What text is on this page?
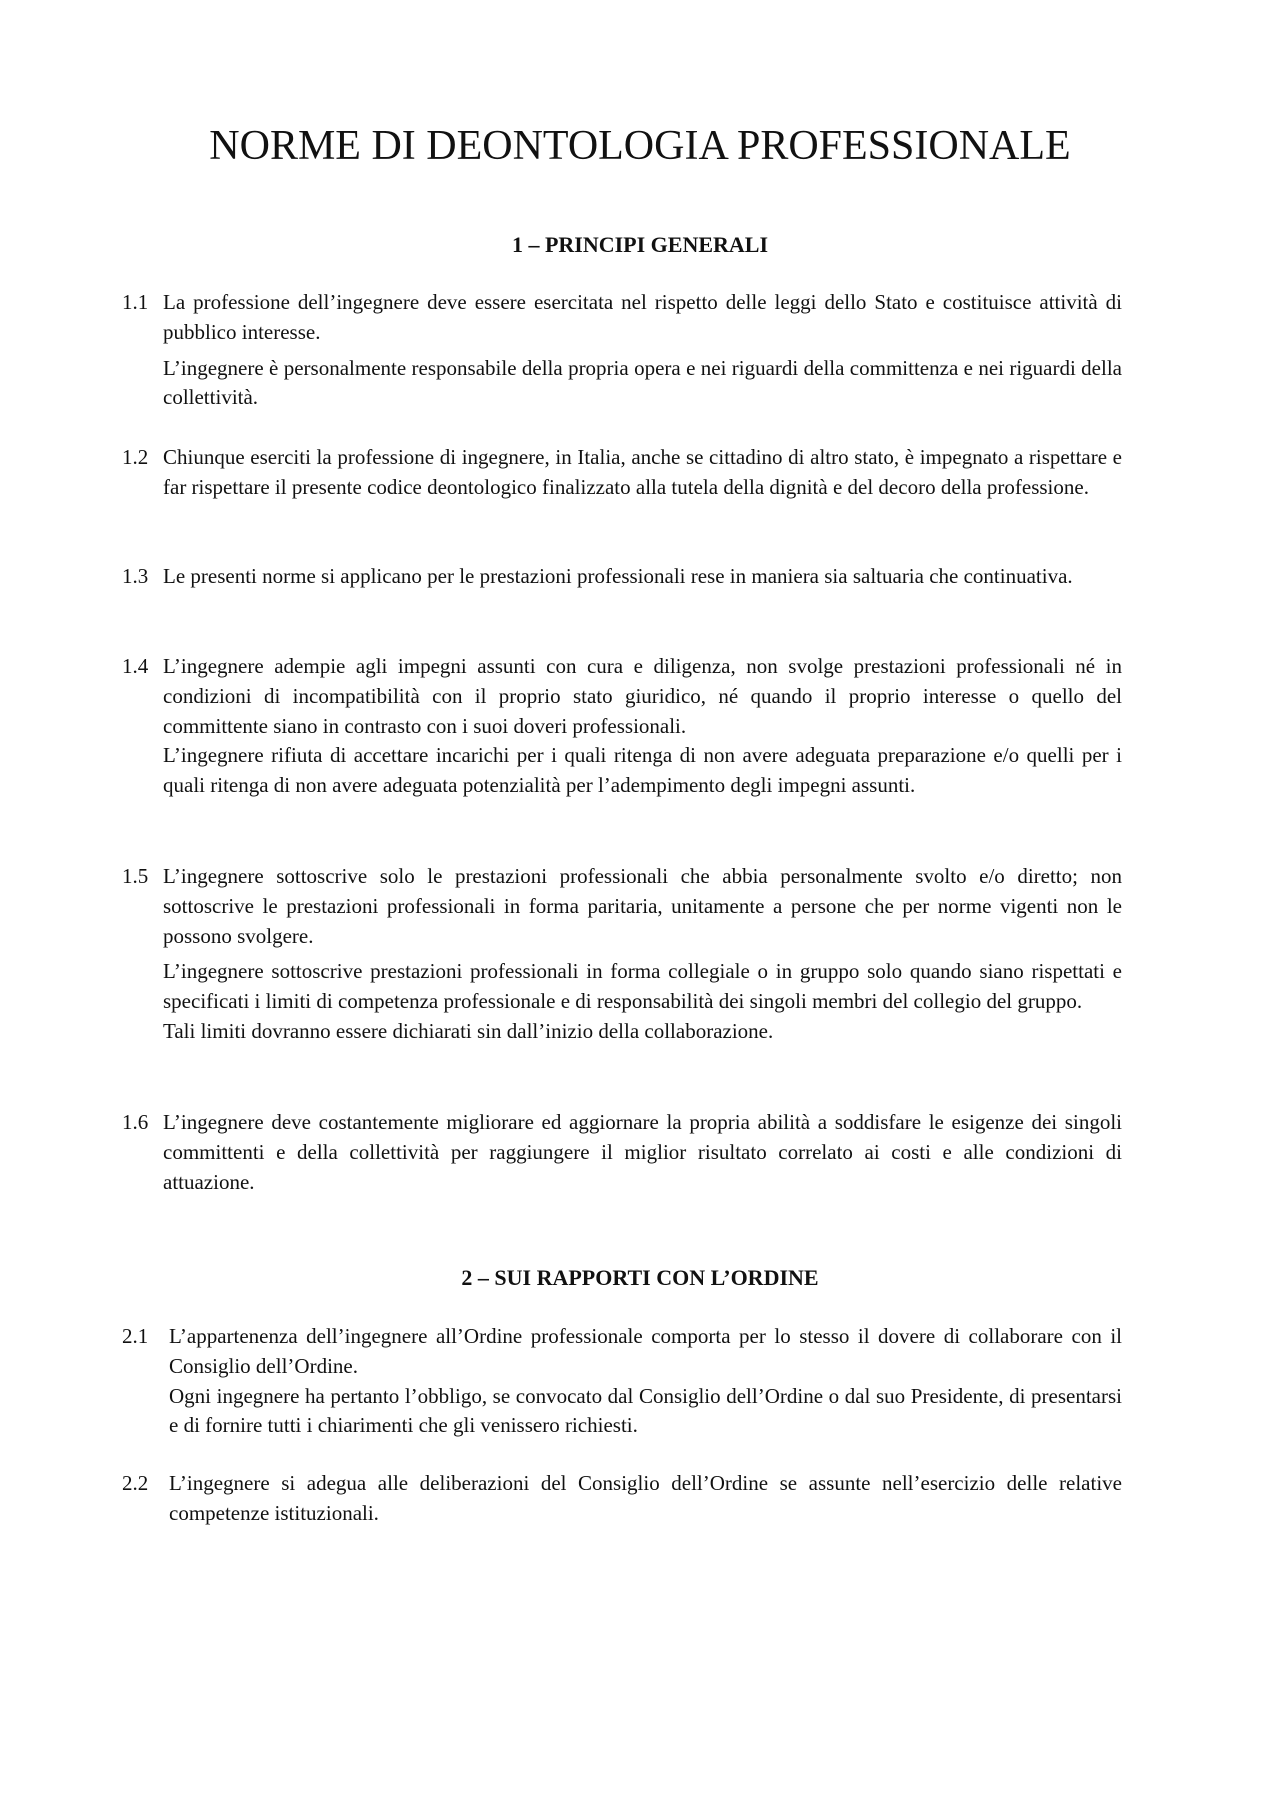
NORME DI DEONTOLOGIA PROFESSIONALE
1 – PRINCIPI GENERALI
1.1 La professione dell’ingegnere deve essere esercitata nel rispetto delle leggi dello Stato e costituisce attività di pubblico interesse.

L’ingegnere è personalmente responsabile della propria opera e nei riguardi della committenza e nei riguardi della collettività.

1.2 Chiunque eserciti la professione di ingegnere, in Italia, anche se cittadino di altro stato, è impegnato a rispettare e far rispettare il presente codice deontologico finalizzato alla tutela della dignità e del decoro della professione.

1.3 Le presenti norme si applicano per le prestazioni professionali rese in maniera sia saltuaria che continuativa.

1.4 L’ingegnere adempie agli impegni assunti con cura e diligenza, non svolge prestazioni professionali né in condizioni di incompatibilità con il proprio stato giuridico, né quando il proprio interesse o quello del committente siano in contrasto con i suoi doveri professionali.

L’ingegnere rifiuta di accettare incarichi per i quali ritenga di non avere adeguata preparazione e/o quelli per i quali ritenga di non avere adeguata potenzialità per l’adempimento degli impegni assunti.

1.5 L’ingegnere sottoscrive solo le prestazioni professionali che abbia personalmente svolto e/o diretto; non sottoscrive le prestazioni professionali in forma paritaria, unitamente a persone che per norme vigenti non le possono svolgere.

L’ingegnere sottoscrive prestazioni professionali in forma collegiale o in gruppo solo quando siano rispettati e specificati i limiti di competenza professionale e di responsabilità dei singoli membri del collegio del gruppo.

Tali limiti dovranno essere dichiarati sin dall’inizio della collaborazione.

1.6 L’ingegnere deve costantemente migliorare ed aggiornare la propria abilità a soddisfare le esigenze dei singoli committenti e della collettività per raggiungere il miglior risultato correlato ai costi e alle condizioni di attuazione.

2 – SUI RAPPORTI CON L’ORDINE
2.1 L’appartenenza dell’ingegnere all’Ordine professionale comporta per lo stesso il dovere di collaborare con il Consiglio dell’Ordine.

Ogni ingegnere ha pertanto l’obbligo, se convocato dal Consiglio dell’Ordine o dal suo Presidente, di presentarsi e di fornire tutti i chiarimenti che gli venissero richiesti.

2.2 L’ingegnere si adegua alle deliberazioni del Consiglio dell’Ordine se assunte nell’esercizio delle relative competenze istituzionali.
